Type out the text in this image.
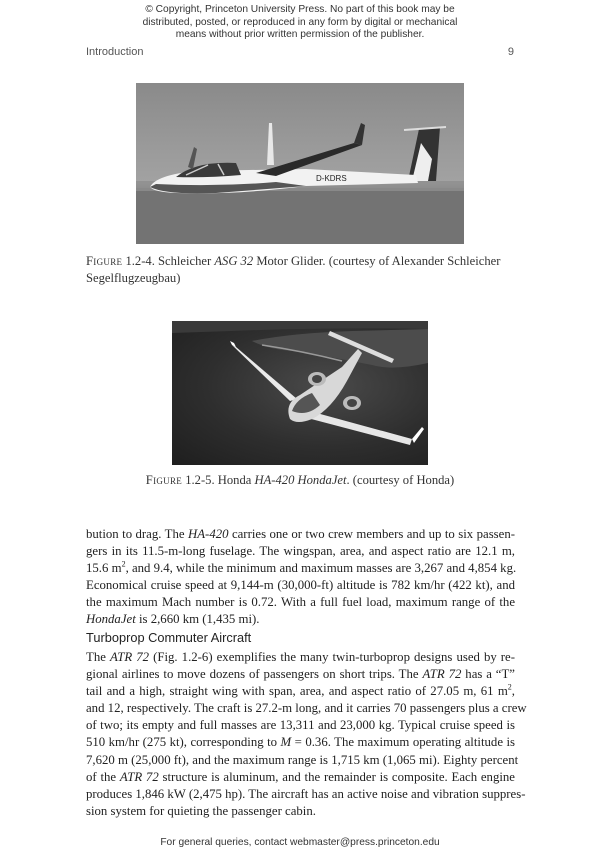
© Copyright, Princeton University Press. No part of this book may be
distributed, posted, or reproduced in any form by digital or mechanical
means without prior written permission of the publisher.
Introduction	9
D-KDRS
Figure 1.2-4. Schleicher ASG 32 Motor Glider. (courtesy of Alexander Schleicher
Segelflugzeugbau)
Figure 1.2-5. Honda HA-420 HondaJet. (courtesy of Honda)
bution to drag. The HA-420 carries one or two crew members and up to six passen-
gers in its 11.5-m-long fuselage. The wingspan, area, and aspect ratio are 12.1 m,
15.6 $m^2$, and 9.4, while the minimum and maximum masses are 3,267 and 4,854 kg.
Economical cruise speed at 9,144-m (30,000-ft) altitude is 782 km/hr (422 kt), and
the maximum Mach number is 0.72. With a full fuel load, maximum range of the
HondaJet is 2,660 km (1,435 mi).
Turboprop Commuter Aircraft
The ATR 72 (Fig. 1.2-6) exemplifies the many twin-turboprop designs used by re-
gional airlines to move dozens of passengers on short trips. The ATR 72 has a “T”
tail and a high, straight wing with span, area, and aspect ratio of 27.05 m, 61 $m^2$,
and 12, respectively. The craft is 27.2-m long, and it carries 70 passengers plus a crew
of two; its empty and full masses are 13,311 and 23,000 kg. Typical cruise speed is
510 km/hr (275 kt), corresponding to M = 0.36. The maximum operating altitude is
7,620 m (25,000 ft), and the maximum range is 1,715 km (1,065 mi). Eighty percent
of the ATR 72 structure is aluminum, and the remainder is composite. Each engine
produces 1,846 kW (2,475 hp). The aircraft has an active noise and vibration suppres-
sion system for quieting the passenger cabin.
For general queries, contact webmaster@press.princeton.edu
